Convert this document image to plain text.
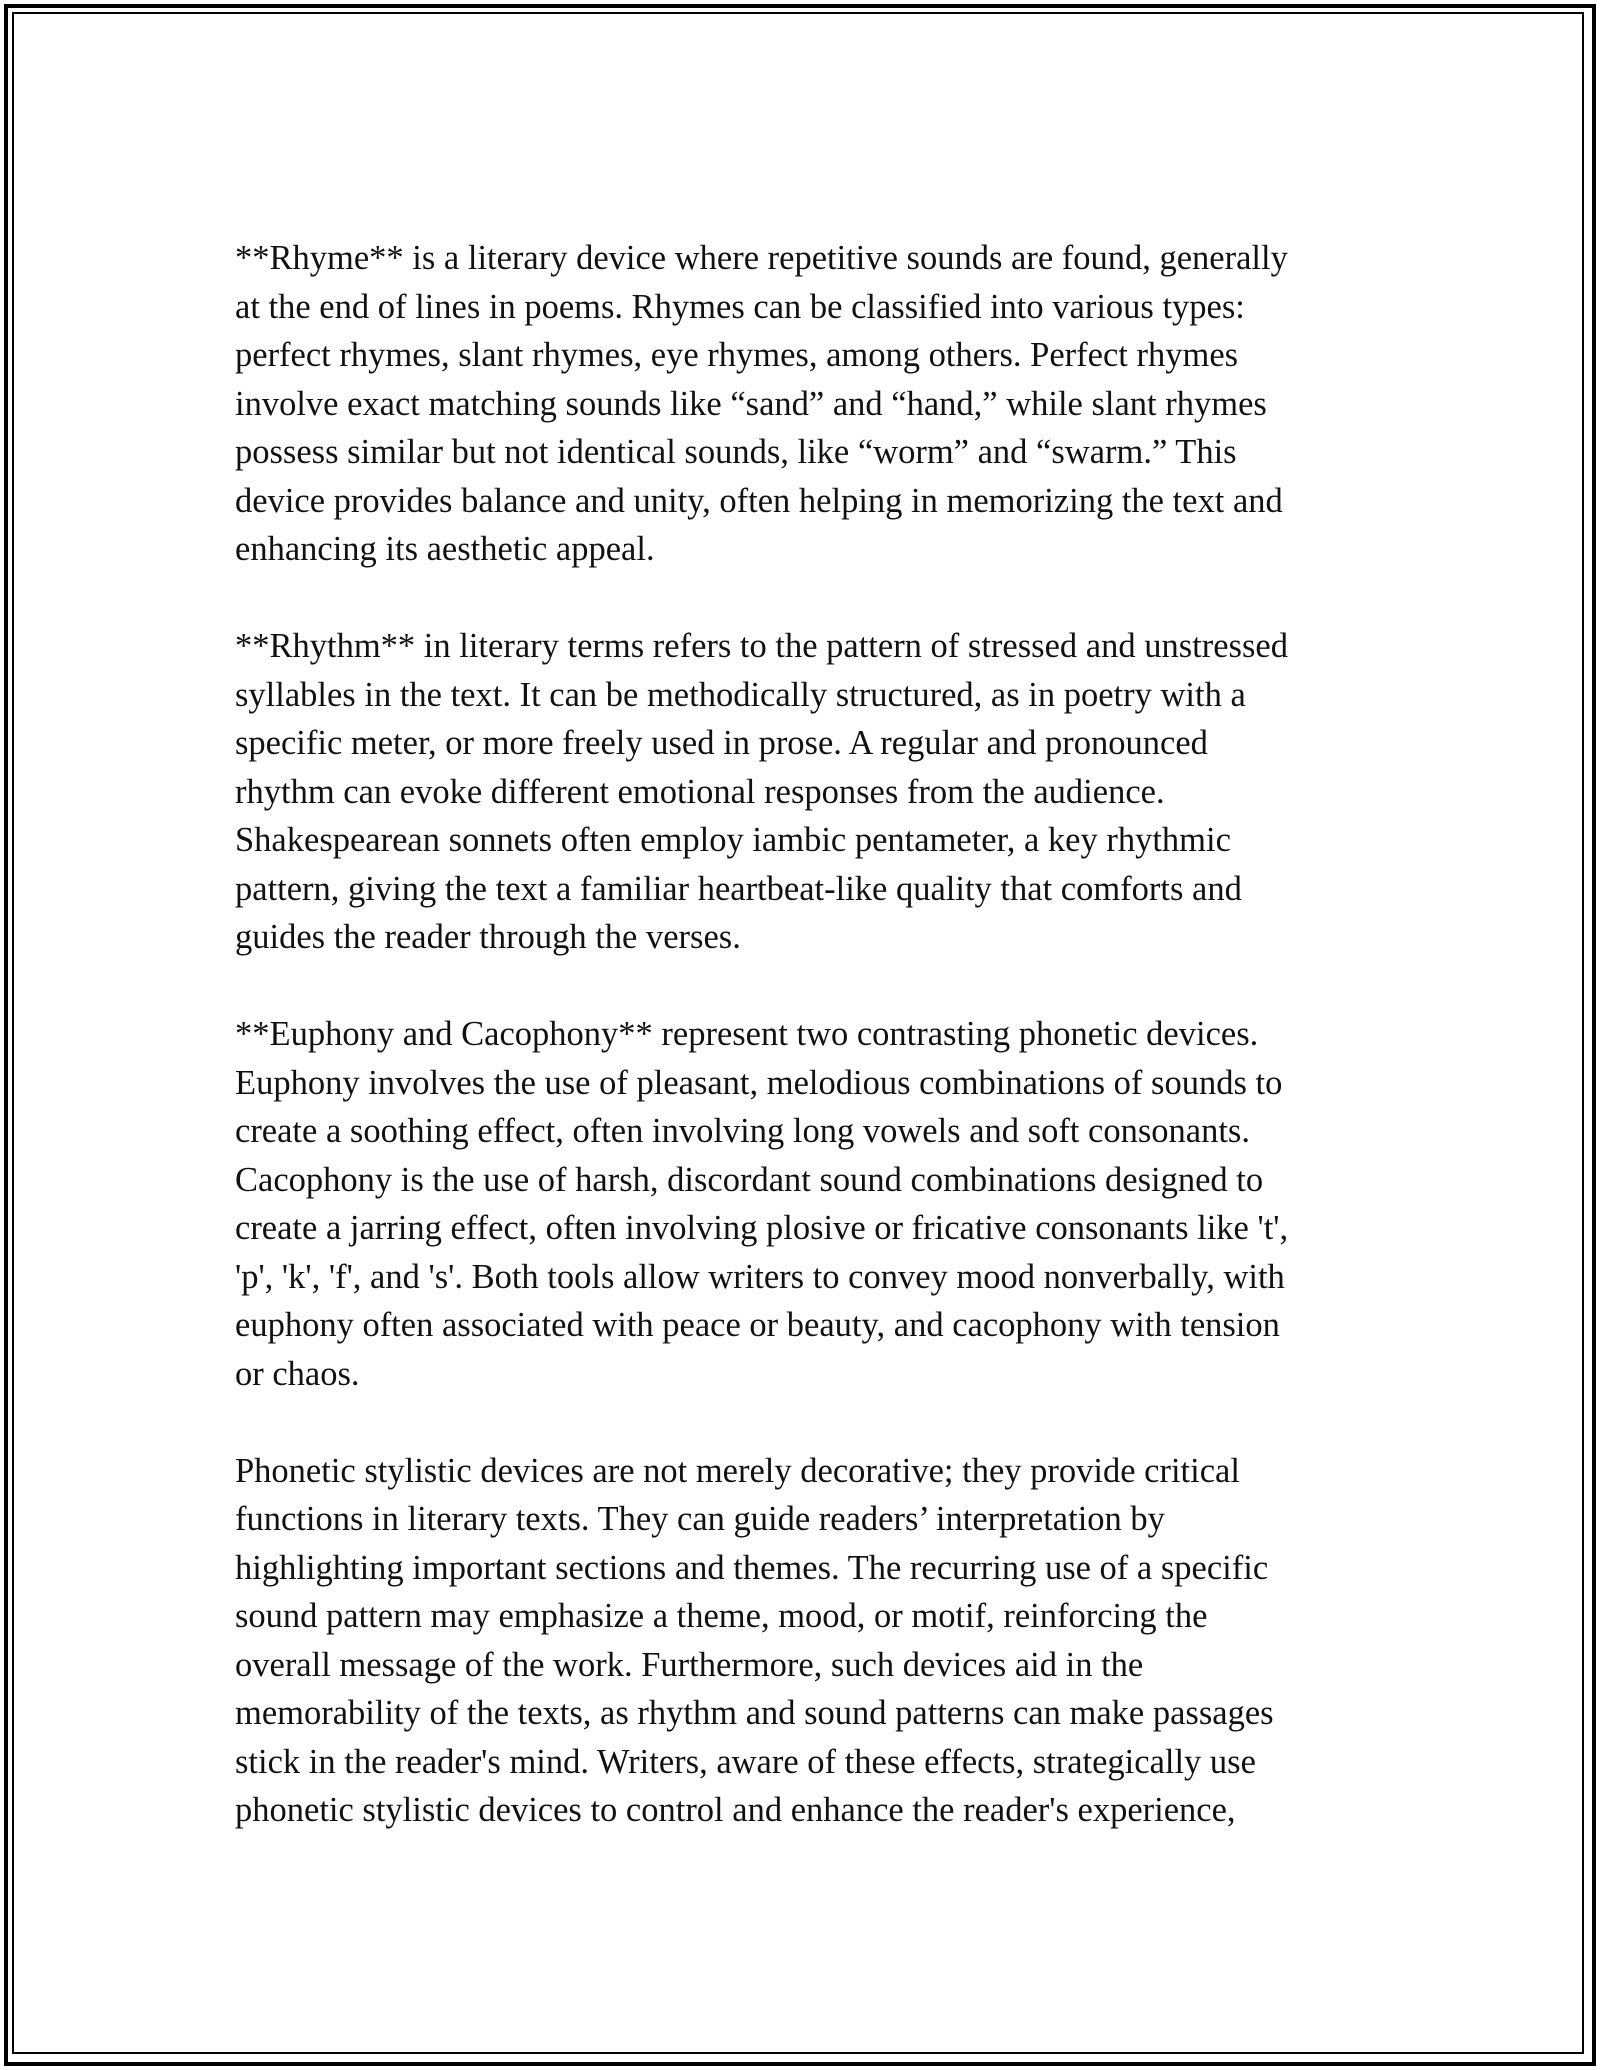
**Rhyme** is a literary device where repetitive sounds are found, generally
at the end of lines in poems. Rhymes can be classified into various types:
perfect rhymes, slant rhymes, eye rhymes, among others. Perfect rhymes
involve exact matching sounds like “sand” and “hand,” while slant rhymes
possess similar but not identical sounds, like “worm” and “swarm.” This
device provides balance and unity, often helping in memorizing the text and
enhancing its aesthetic appeal.

**Rhythm** in literary terms refers to the pattern of stressed and unstressed
syllables in the text. It can be methodically structured, as in poetry with a
specific meter, or more freely used in prose. A regular and pronounced
rhythm can evoke different emotional responses from the audience.
Shakespearean sonnets often employ iambic pentameter, a key rhythmic
pattern, giving the text a familiar heartbeat-like quality that comforts and
guides the reader through the verses.

**Euphony and Cacophony** represent two contrasting phonetic devices.
Euphony involves the use of pleasant, melodious combinations of sounds to
create a soothing effect, often involving long vowels and soft consonants.
Cacophony is the use of harsh, discordant sound combinations designed to
create a jarring effect, often involving plosive or fricative consonants like 't',
'p', 'k', 'f', and 's'. Both tools allow writers to convey mood nonverbally, with
euphony often associated with peace or beauty, and cacophony with tension
or chaos.

Phonetic stylistic devices are not merely decorative; they provide critical
functions in literary texts. They can guide readers’ interpretation by
highlighting important sections and themes. The recurring use of a specific
sound pattern may emphasize a theme, mood, or motif, reinforcing the
overall message of the work. Furthermore, such devices aid in the
memorability of the texts, as rhythm and sound patterns can make passages
stick in the reader's mind. Writers, aware of these effects, strategically use
phonetic stylistic devices to control and enhance the reader's experience,
